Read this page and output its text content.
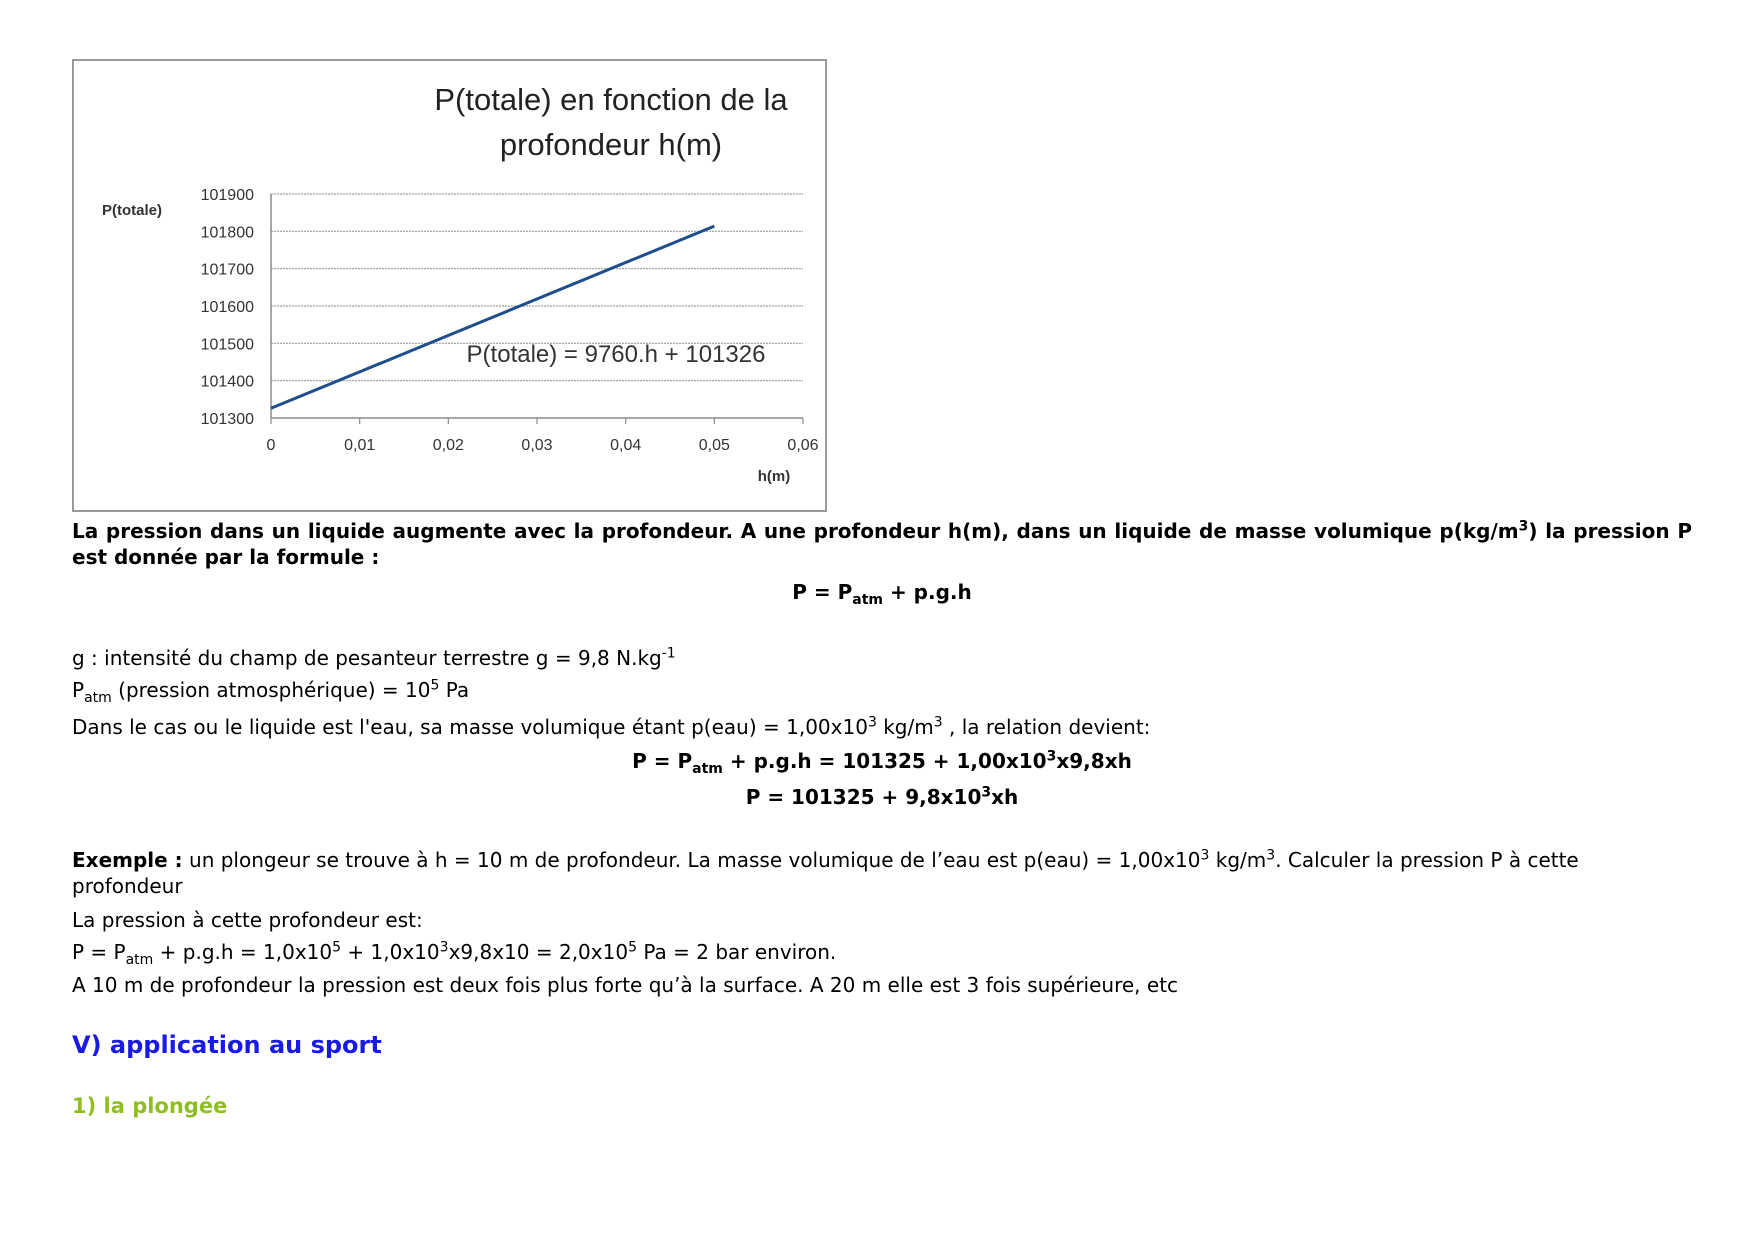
P(totale) en fonction de la
profondeur h(m)
101900
101800
101700
101600
101500
101400
101300
0	0,01	0,02	0,03	0,04	0,05	0,06
P(totale)
h(m)
P(totale) = 9760.h + 101326
La pression dans un liquide augmente avec la profondeur. A une profondeur h(m), dans un liquide de masse volumique $p(kg/m^3)$ la pression P est donnée par la formule :
$P = P_{atm} + p.g.h$
g : intensité du champ de pesanteur terrestre g = 9,8 $N.kg^{-1}$
$P_{atm}$ (pression atmosphérique) = $10^5$ Pa
Dans le cas ou le liquide est l'eau, sa masse volumique étant $p(eau) = 1,00x10^3$ $kg/m^3$ , la relation devient:
$P = P_{atm} + p.g.h = 101325 + 1,00x10^3x9,8xh$
$P = 101325 + 9,8x10^3xh$
Exemple : un plongeur se trouve à h = 10 m de profondeur. La masse volumique de l’eau est $p(eau) = 1,00x10^3$ $kg/m^3$. Calculer la pression P à cette profondeur
La pression à cette profondeur est:
$P = P_{atm} + p.g.h = 1,0x10^5 + 1,0x10^3x9,8x10 = 2,0x10^5$ Pa = 2 bar environ.
A 10 m de profondeur la pression est deux fois plus forte qu’à la surface. A 20 m elle est 3 fois supérieure, etc
V) application au sport
1) la plongée
